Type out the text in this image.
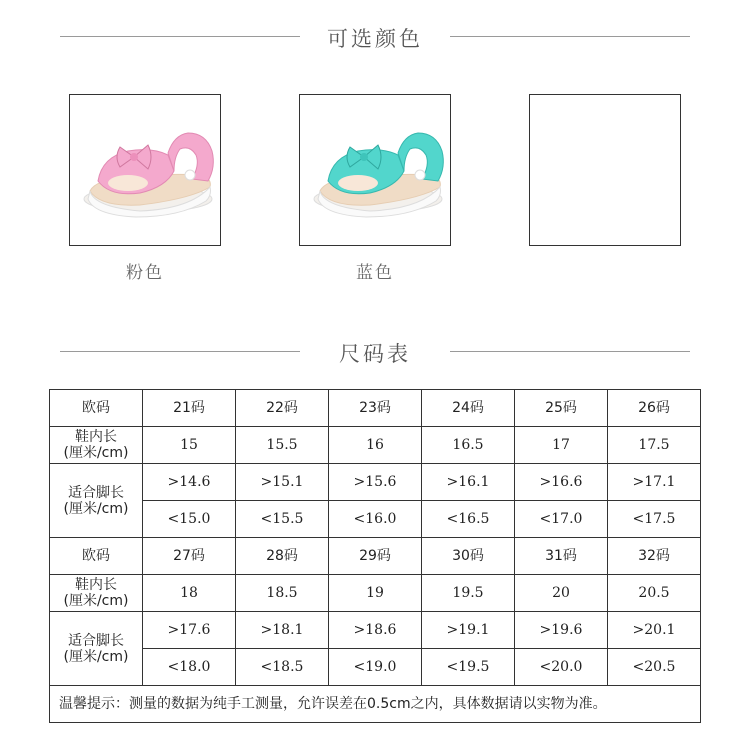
可选颜色
粉色	蓝色
尺码表
欧码	21码	22码	23码	24码	25码	26码

鞋内长
(厘米/cm)	15	15.5	16	16.5	17	17.5

适合脚长
(厘米/cm)	>14.6	>15.1	>15.6	>16.1	>16.6	>17.1
	<15.0	<15.5	<16.0	<16.5	<17.0	<17.5
欧码	27码	28码	29码	30码	31码	32码

鞋内长
(厘米/cm)	18	18.5	19	19.5	20	20.5

适合脚长
(厘米/cm)	>17.6	>18.1	>18.6	>19.1	>19.6	>20.1
	<18.0	<18.5	<19.0	<19.5	<20.0	<20.5
温馨提示：测量的数据为纯手工测量，允许误差在0.5cm之内，具体数据请以实物为准。						
